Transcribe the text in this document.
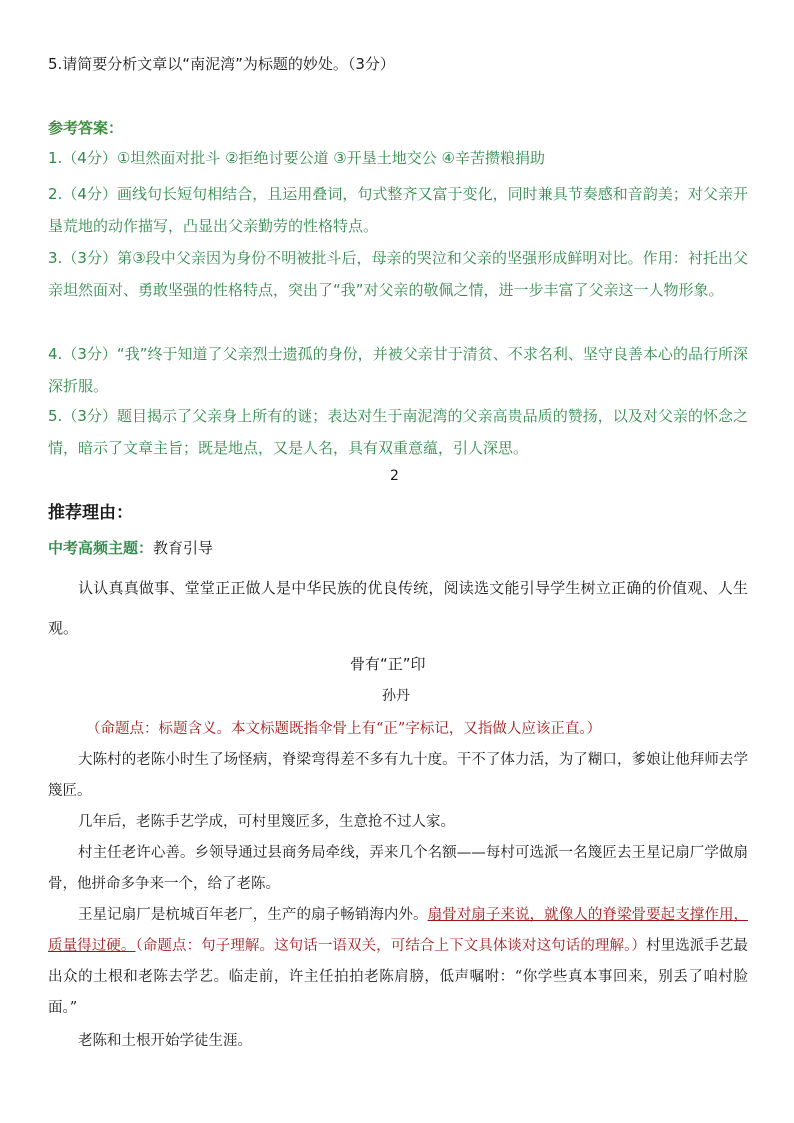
5.请简要分析文章以“南泥湾”为标题的妙处。（3分）
参考答案：
1.（4分）①坦然面对批斗 ②拒绝讨要公道 ③开垦土地交公 ④辛苦攒粮捐助
2.（4分）画线句长短句相结合，且运用叠词，句式整齐又富于变化，同时兼具节奏感和音韵美；对父亲开垦荒地的动作描写，凸显出父亲勤劳的性格特点。
3.（3分）第③段中父亲因为身份不明被批斗后，母亲的哭泣和父亲的坚强形成鲜明对比。作用：衬托出父亲坦然面对、勇敢坚强的性格特点，突出了“我”对父亲的敬佩之情，进一步丰富了父亲这一人物形象。
4.（3分）“我”终于知道了父亲烈士遗孤的身份，并被父亲甘于清贫、不求名利、坚守良善本心的品行所深深折服。
5.（3分）题目揭示了父亲身上所有的谜；表达对生于南泥湾的父亲高贵品质的赞扬，以及对父亲的怀念之情，暗示了文章主旨；既是地点，又是人名，具有双重意蕴，引人深思。
2
推荐理由：
中考高频主题：教育引导
认认真真做事、堂堂正正做人是中华民族的优良传统，阅读选文能引导学生树立正确的价值观、人生观。
骨有“正”印
孙丹
（命题点：标题含义。本文标题既指伞骨上有“正”字标记，又指做人应该正直。）
大陈村的老陈小时生了场怪病，脊梁弯得差不多有九十度。干不了体力活，为了糊口，爹娘让他拜师去学篾匠。
几年后，老陈手艺学成，可村里篾匠多，生意抢不过人家。
村主任老许心善。乡领导通过县商务局牵线，弄来几个名额——每村可选派一名篾匠去王星记扇厂学做扇骨，他拼命多争来一个，给了老陈。
王星记扇厂是杭城百年老厂，生产的扇子畅销海内外。扇骨对扇子来说，就像人的脊梁骨要起支撑作用，质量得过硬。（命题点：句子理解。这句话一语双关，可结合上下文具体谈对这句话的理解。）村里选派手艺最出众的土根和老陈去学艺。临走前，许主任拍拍老陈肩膀，低声嘱咐：“你学些真本事回来，别丢了咱村脸面。”
老陈和土根开始学徒生涯。
